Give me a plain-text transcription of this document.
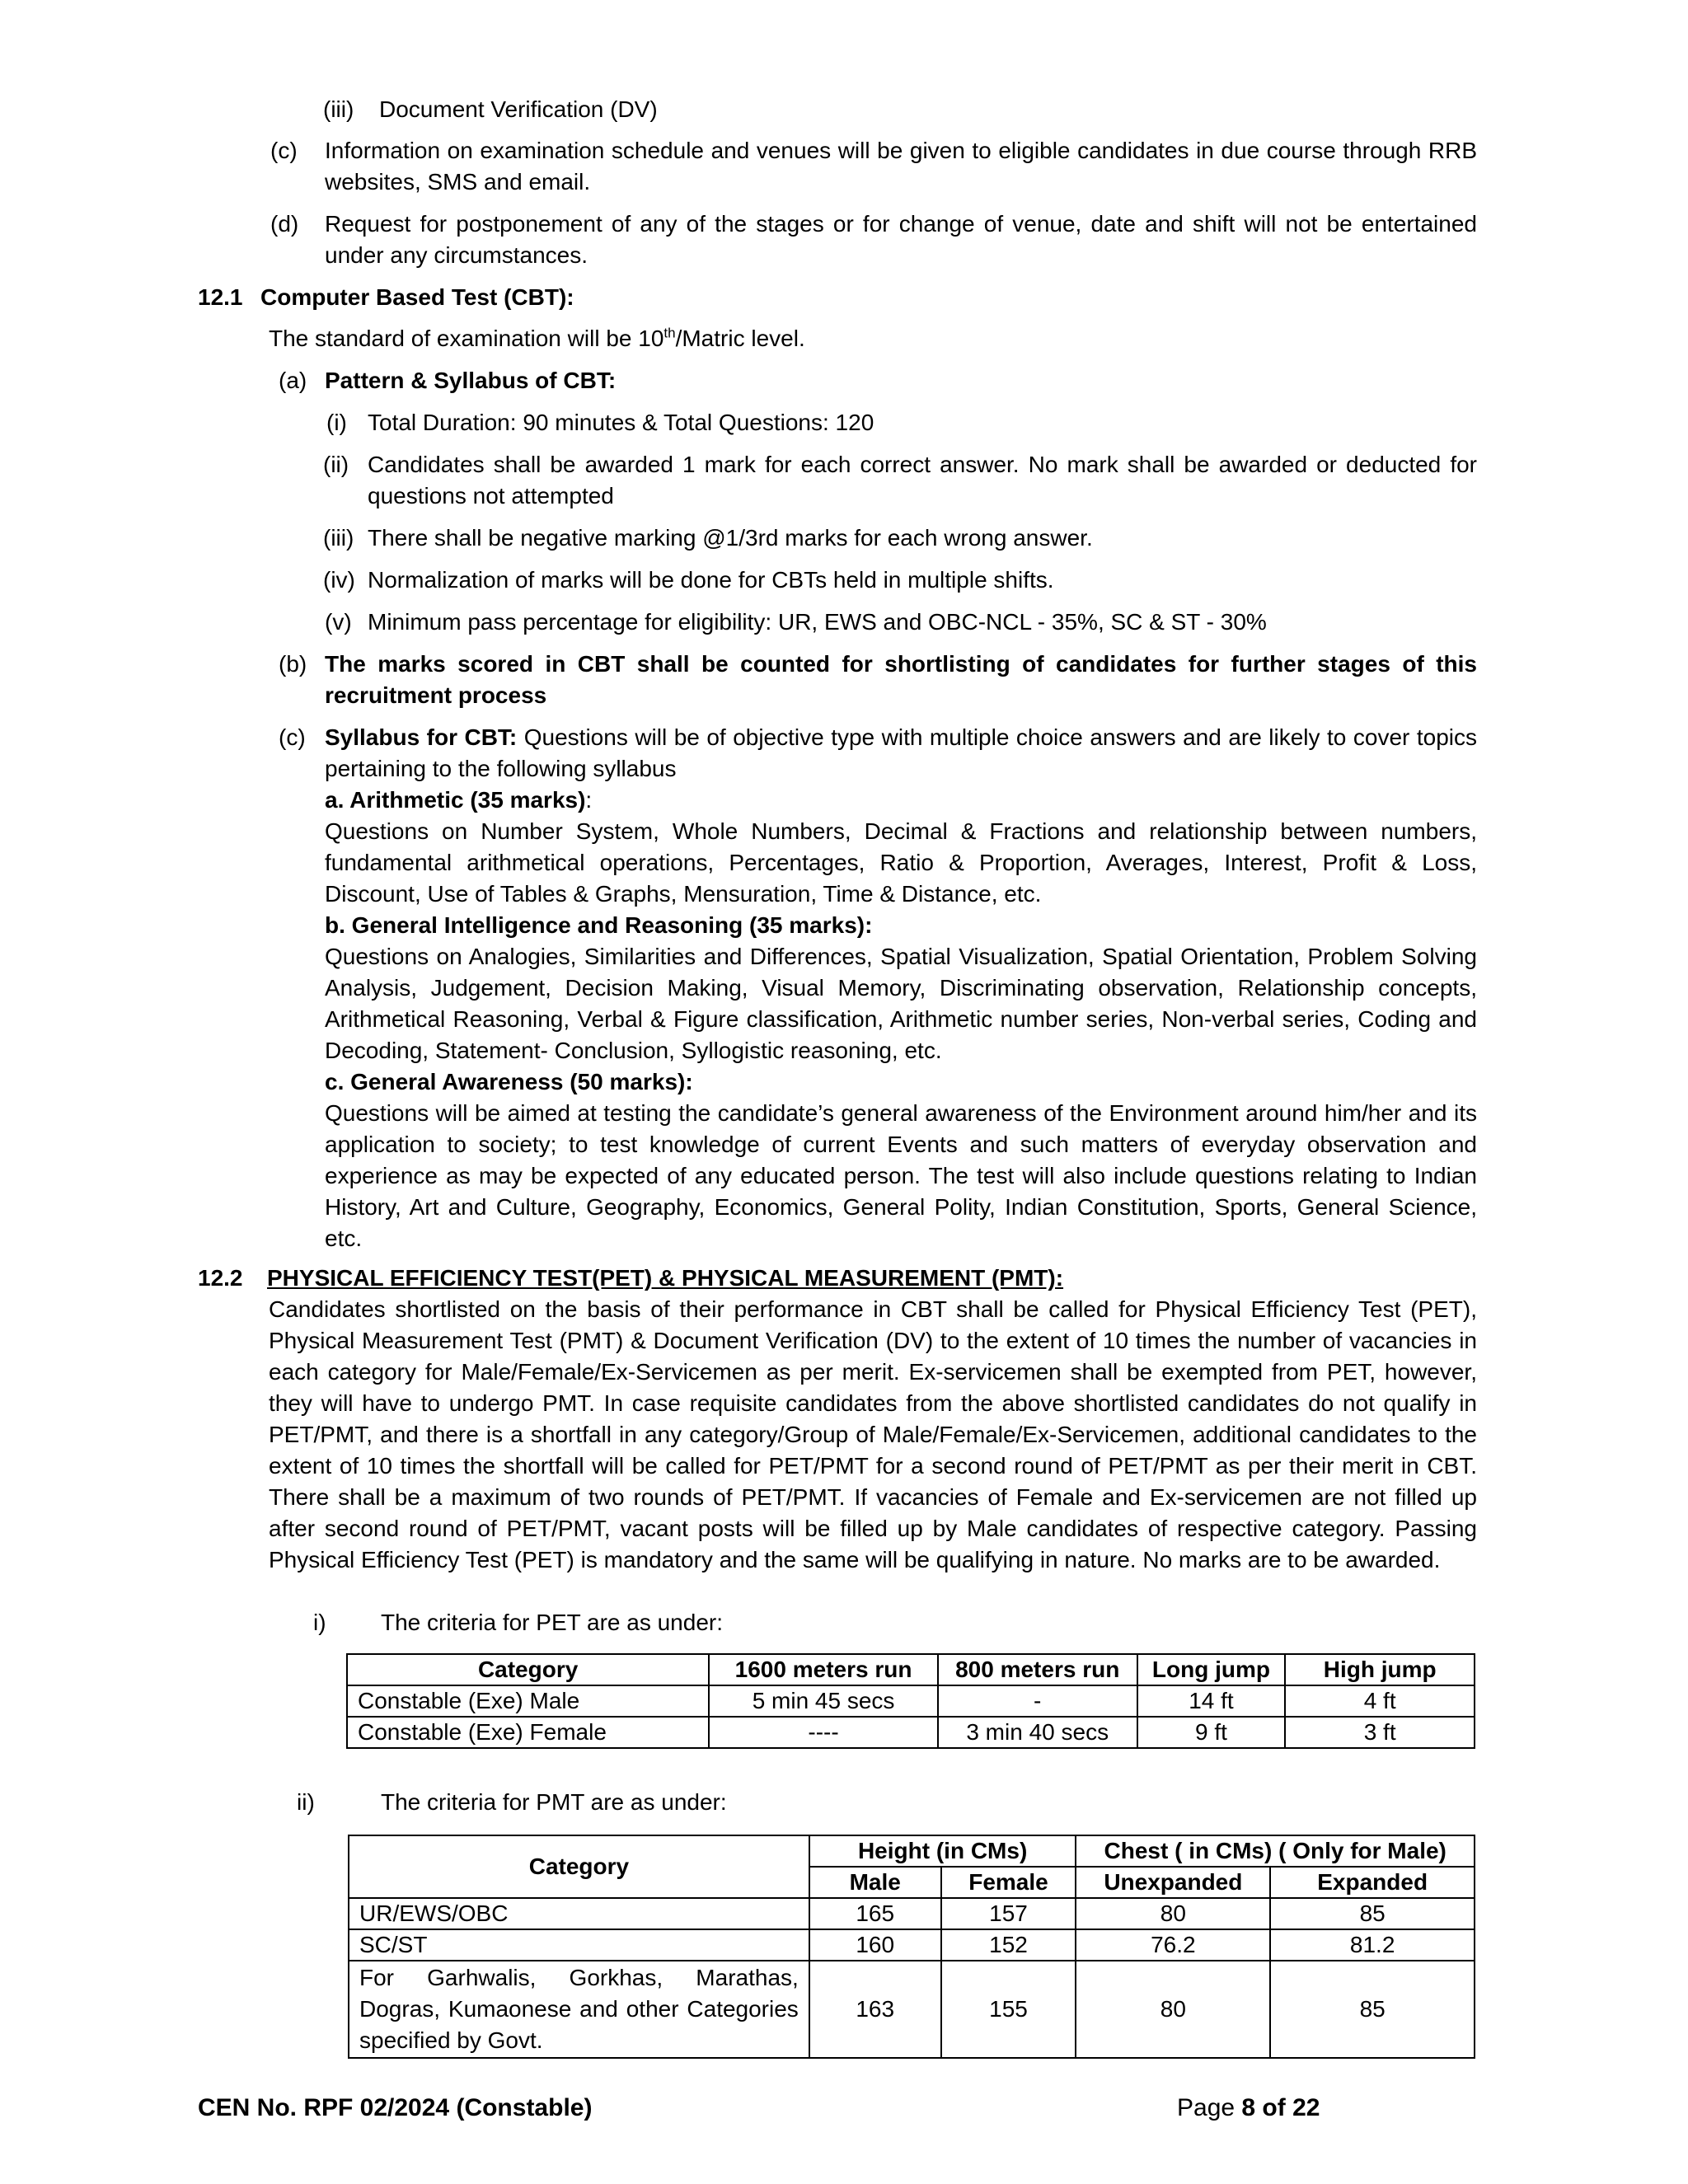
(iii) Document Verification (DV)
(c) Information on examination schedule and venues will be given to eligible candidates in due course through RRB websites, SMS and email.
(d) Request for postponement of any of the stages or for change of venue, date and shift will not be entertained under any circumstances.
12.1 Computer Based Test (CBT):
The standard of examination will be 10th/Matric level.
(a) Pattern & Syllabus of CBT:
(i) Total Duration: 90 minutes & Total Questions: 120
(ii) Candidates shall be awarded 1 mark for each correct answer. No mark shall be awarded or deducted for questions not attempted
(iii) There shall be negative marking @1/3rd marks for each wrong answer.
(iv) Normalization of marks will be done for CBTs held in multiple shifts.
(v) Minimum pass percentage for eligibility: UR, EWS and OBC-NCL - 35%, SC & ST - 30%
(b) The marks scored in CBT shall be counted for shortlisting of candidates for further stages of this recruitment process
(c) Syllabus for CBT: Questions will be of objective type with multiple choice answers and are likely to cover topics pertaining to the following syllabus
a. Arithmetic (35 marks):
Questions on Number System, Whole Numbers, Decimal & Fractions and relationship between numbers, fundamental arithmetical operations, Percentages, Ratio & Proportion, Averages, Interest, Profit & Loss, Discount, Use of Tables & Graphs, Mensuration, Time & Distance, etc.
b. General Intelligence and Reasoning (35 marks):
Questions on Analogies, Similarities and Differences, Spatial Visualization, Spatial Orientation, Problem Solving Analysis, Judgement, Decision Making, Visual Memory, Discriminating observation, Relationship concepts, Arithmetical Reasoning, Verbal & Figure classification, Arithmetic number series, Non-verbal series, Coding and Decoding, Statement- Conclusion, Syllogistic reasoning, etc.
c. General Awareness (50 marks):
Questions will be aimed at testing the candidate’s general awareness of the Environment around him/her and its application to society; to test knowledge of current Events and such matters of everyday observation and experience as may be expected of any educated person. The test will also include questions relating to Indian History, Art and Culture, Geography, Economics, General Polity, Indian Constitution, Sports, General Science, etc.
12.2 PHYSICAL EFFICIENCY TEST(PET) & PHYSICAL MEASUREMENT (PMT):
Candidates shortlisted on the basis of their performance in CBT shall be called for Physical Efficiency Test (PET), Physical Measurement Test (PMT) & Document Verification (DV) to the extent of 10 times the number of vacancies in each category for Male/Female/Ex-Servicemen as per merit. Ex-servicemen shall be exempted from PET, however, they will have to undergo PMT. In case requisite candidates from the above shortlisted candidates do not qualify in PET/PMT, and there is a shortfall in any category/Group of Male/Female/Ex-Servicemen, additional candidates to the extent of 10 times the shortfall will be called for PET/PMT for a second round of PET/PMT as per their merit in CBT. There shall be a maximum of two rounds of PET/PMT. If vacancies of Female and Ex-servicemen are not filled up after second round of PET/PMT, vacant posts will be filled up by Male candidates of respective category. Passing Physical Efficiency Test (PET) is mandatory and the same will be qualifying in nature. No marks are to be awarded.
i) The criteria for PET are as under:
Category	1600 meters run	800 meters run	Long jump	High jump
Constable (Exe) Male	5 min 45 secs	-	14 ft	4 ft
Constable (Exe) Female	----	3 min 40 secs	9 ft	3 ft
ii)	The criteria for PMT are as under:
Category	Height (in CMs)		Chest ( in CMs) ( Only for Male)	
	Male	Female	Unexpanded	Expanded
UR/EWS/OBC	165	157	80	85
SC/ST	160	152	76.2	81.2
For Garhwalis, Gorkhas, Marathas, Dogras, Kumaonese and other Categories specified by Govt.	163	155	80	85
CEN No. RPF 02/2024 (Constable)	Page 8 of 22
